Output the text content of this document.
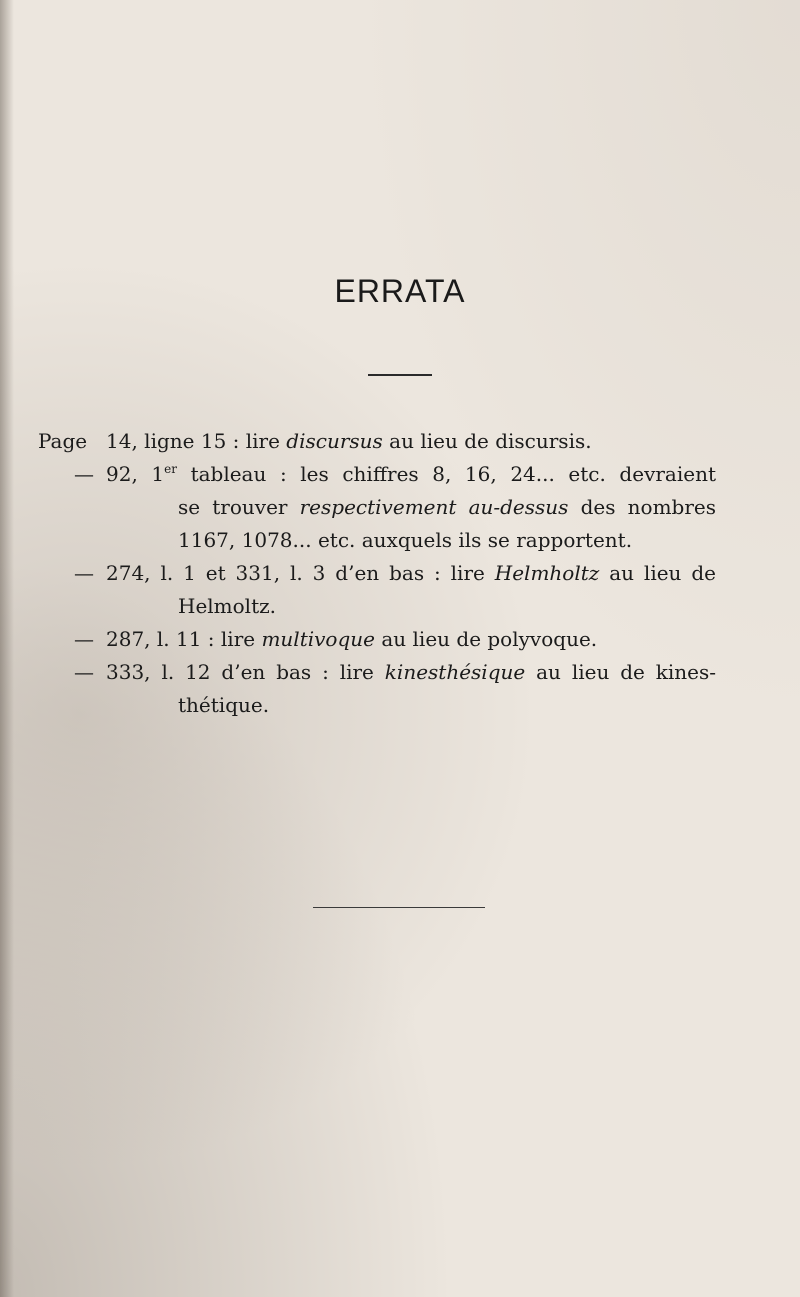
ERRATA
Page 14, ligne 15 : lire discursus au lieu de discursis.
— 92, 1er tableau : les chiffres 8, 16, 24... etc. devraient
se trouver respectivement au-dessus des nombres
1167, 1078... etc. auxquels ils se rapportent.
— 274, l. 1 et 331, l. 3 d’en bas : lire Helmholtz au lieu de
Helmoltz.
— 287, l. 11 : lire multivoque au lieu de polyvoque.
— 333, l. 12 d’en bas : lire kinesthésique au lieu de kines-
thétique.
